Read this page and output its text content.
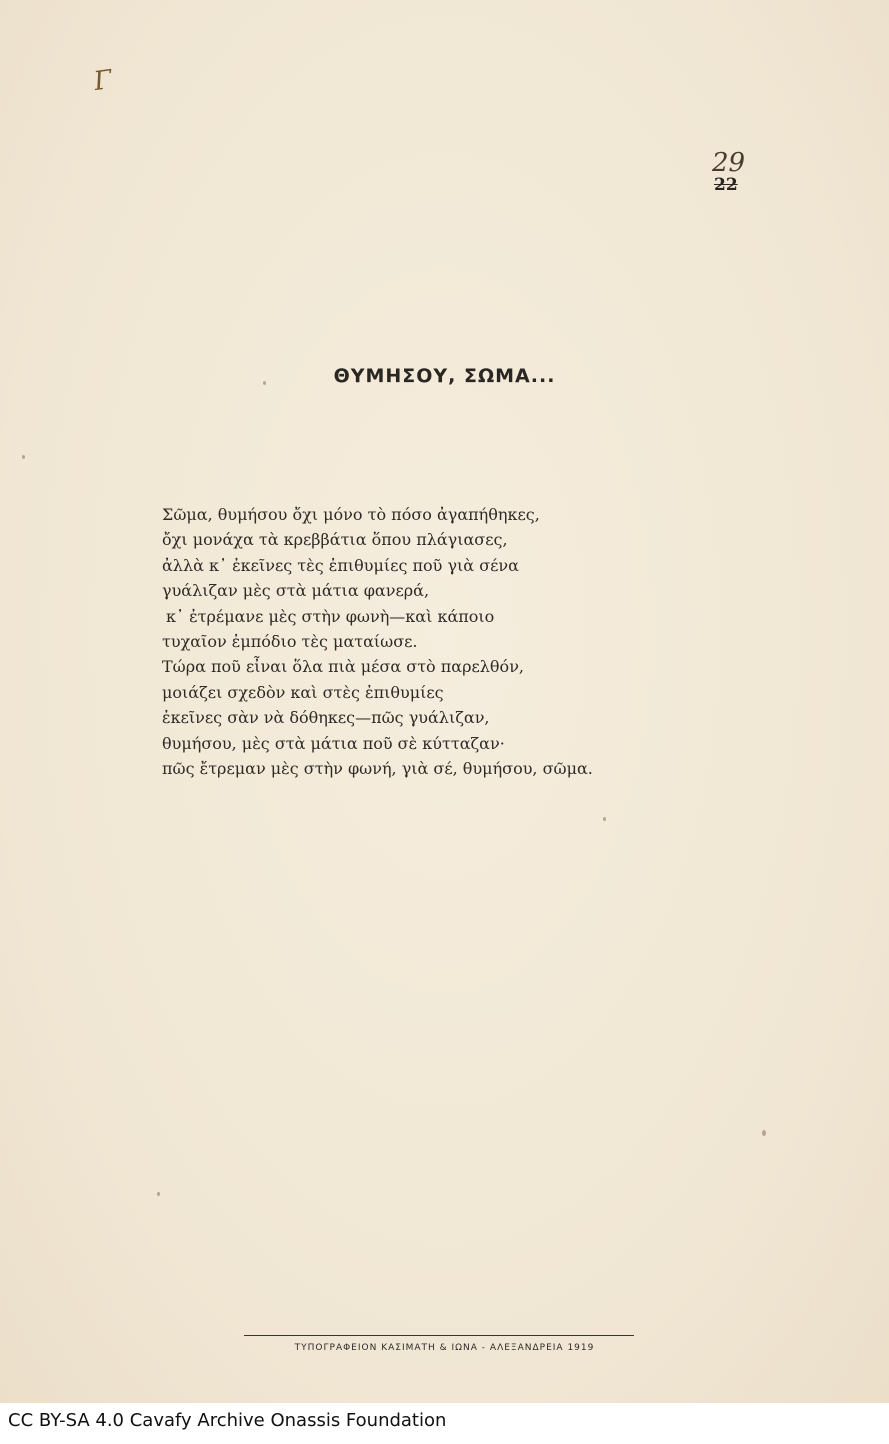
Γ
29
22
ΘΥΜΗΣΟΥ, ΣΩΜΑ...
Σῶμα, θυμήσου ὄχι μόνο τὸ πόσο ἀγαπήθηκες,
ὄχι μονάχα τὰ κρεββάτια ὅπου πλάγιασες,
ἀλλὰ κ᾿ ἐκεῖνες τὲς ἐπιθυμίες ποῦ γιὰ σένα
γυάλιζαν μὲς στὰ μάτια φανερά,
κ᾿ ἐτρέμανε μὲς στὴν φωνὴ—καὶ κάποιο
τυχαῖον ἐμπόδιο τὲς ματαίωσε.
Τώρα ποῦ εἶναι ὅλα πιὰ μέσα στὸ παρελθόν,
μοιάζει σχεδὸν καὶ στὲς ἐπιθυμίες
ἐκεῖνες σὰν νὰ δόθηκες—πῶς γυάλιζαν,
θυμήσου, μὲς στὰ μάτια ποῦ σὲ κύτταζαν·
πῶς ἔτρεμαν μὲς στὴν φωνή, γιὰ σέ, θυμήσου, σῶμα.
ΤΥΠΟΓΡΑΦΕΙΟΝ ΚΑΣΙΜΑΤΗ & ΙΩΝΑ - ΑΛΕΞΑΝΔΡΕΙΑ 1919
CC BY-SA 4.0 Cavafy Archive Onassis Foundation
